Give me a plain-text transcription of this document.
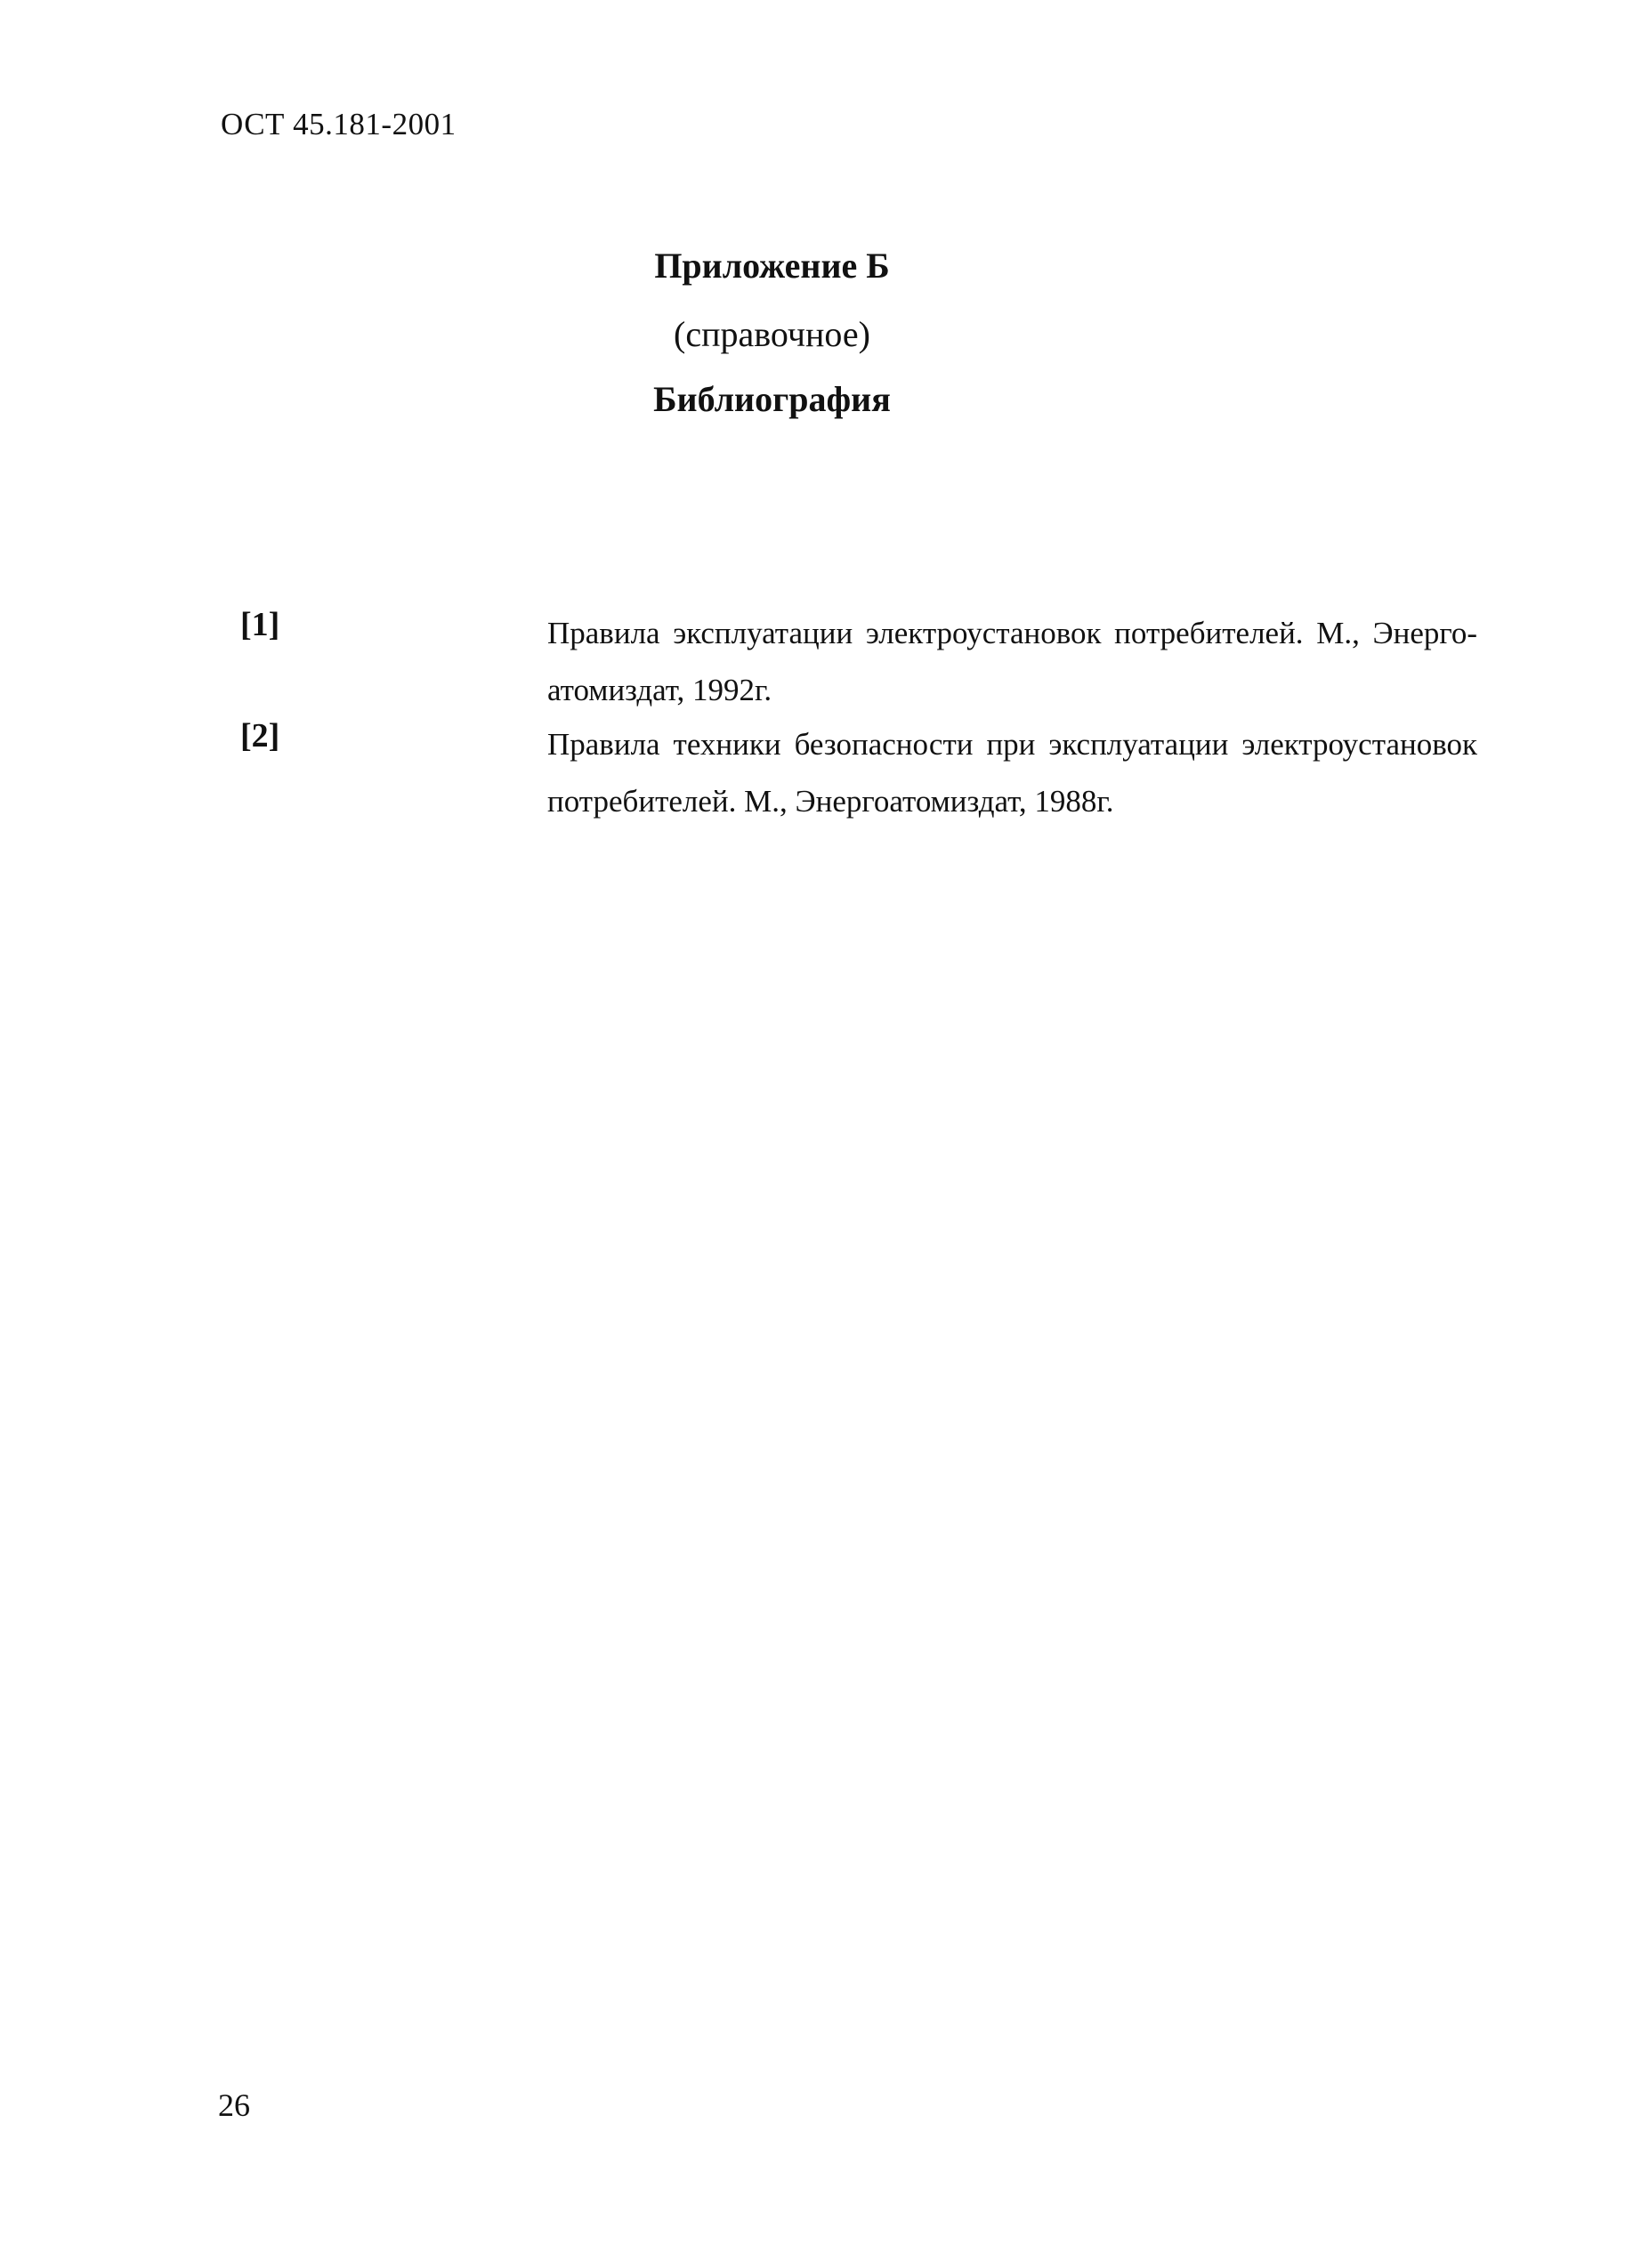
ОСТ 45.181-2001
Приложение Б
(справочное)
Библиография
[1]	Правила эксплуатации электроустановок потребителей. М., Энерго-атомиздат, 1992г.
[2]	Правила техники безопасности при эксплуатации электроустановок потребителей. М., Энергоатомиздат, 1988г.
26
